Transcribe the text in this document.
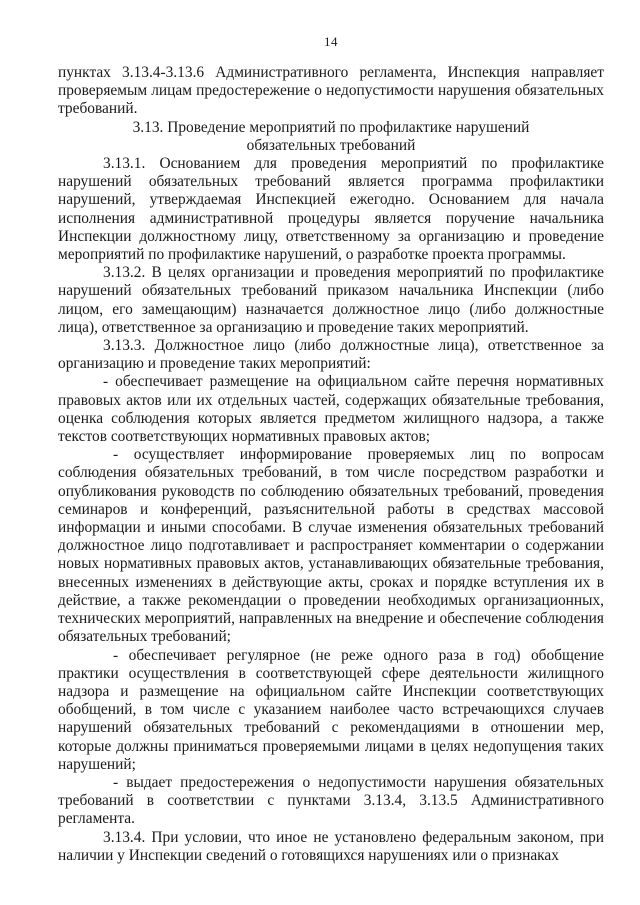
14

пунктах 3.13.4-3.13.6 Административного регламента, Инспекция направляет проверяемым лицам предостережение о недопустимости нарушения обязательных требований.

3.13. Проведение мероприятий по профилактике нарушений обязательных требований

3.13.1. Основанием для проведения мероприятий по профилактике нарушений обязательных требований является программа профилактики нарушений, утверждаемая Инспекцией ежегодно. Основанием для начала исполнения административной процедуры является поручение начальника Инспекции должностному лицу, ответственному за организацию и проведение мероприятий по профилактике нарушений, о разработке проекта программы.

3.13.2. В целях организации и проведения мероприятий по профилактике нарушений обязательных требований приказом начальника Инспекции (либо лицом, его замещающим) назначается должностное лицо (либо должностные лица), ответственное за организацию и проведение таких мероприятий.

3.13.3. Должностное лицо (либо должностные лица), ответственное за организацию и проведение таких мероприятий:

- обеспечивает размещение на официальном сайте перечня нормативных правовых актов или их отдельных частей, содержащих обязательные требования, оценка соблюдения которых является предметом жилищного надзора, а также текстов соответствующих нормативных правовых актов;

- осуществляет информирование проверяемых лиц по вопросам соблюдения обязательных требований, в том числе посредством разработки и опубликования руководств по соблюдению обязательных требований, проведения семинаров и конференций, разъяснительной работы в средствах массовой информации и иными способами. В случае изменения обязательных требований должностное лицо подготавливает и распространяет комментарии о содержании новых нормативных правовых актов, устанавливающих обязательные требования, внесенных изменениях в действующие акты, сроках и порядке вступления их в действие, а также рекомендации о проведении необходимых организационных, технических мероприятий, направленных на внедрение и обеспечение соблюдения обязательных требований;

- обеспечивает регулярное (не реже одного раза в год) обобщение практики осуществления в соответствующей сфере деятельности жилищного надзора и размещение на официальном сайте Инспекции соответствующих обобщений, в том числе с указанием наиболее часто встречающихся случаев нарушений обязательных требований с рекомендациями в отношении мер, которые должны приниматься проверяемыми лицами в целях недопущения таких нарушений;

- выдает предостережения о недопустимости нарушения обязательных требований в соответствии с пунктами 3.13.4, 3.13.5 Административного регламента.

3.13.4. При условии, что иное не установлено федеральным законом, при наличии у Инспекции сведений о готовящихся нарушениях или о признаках
